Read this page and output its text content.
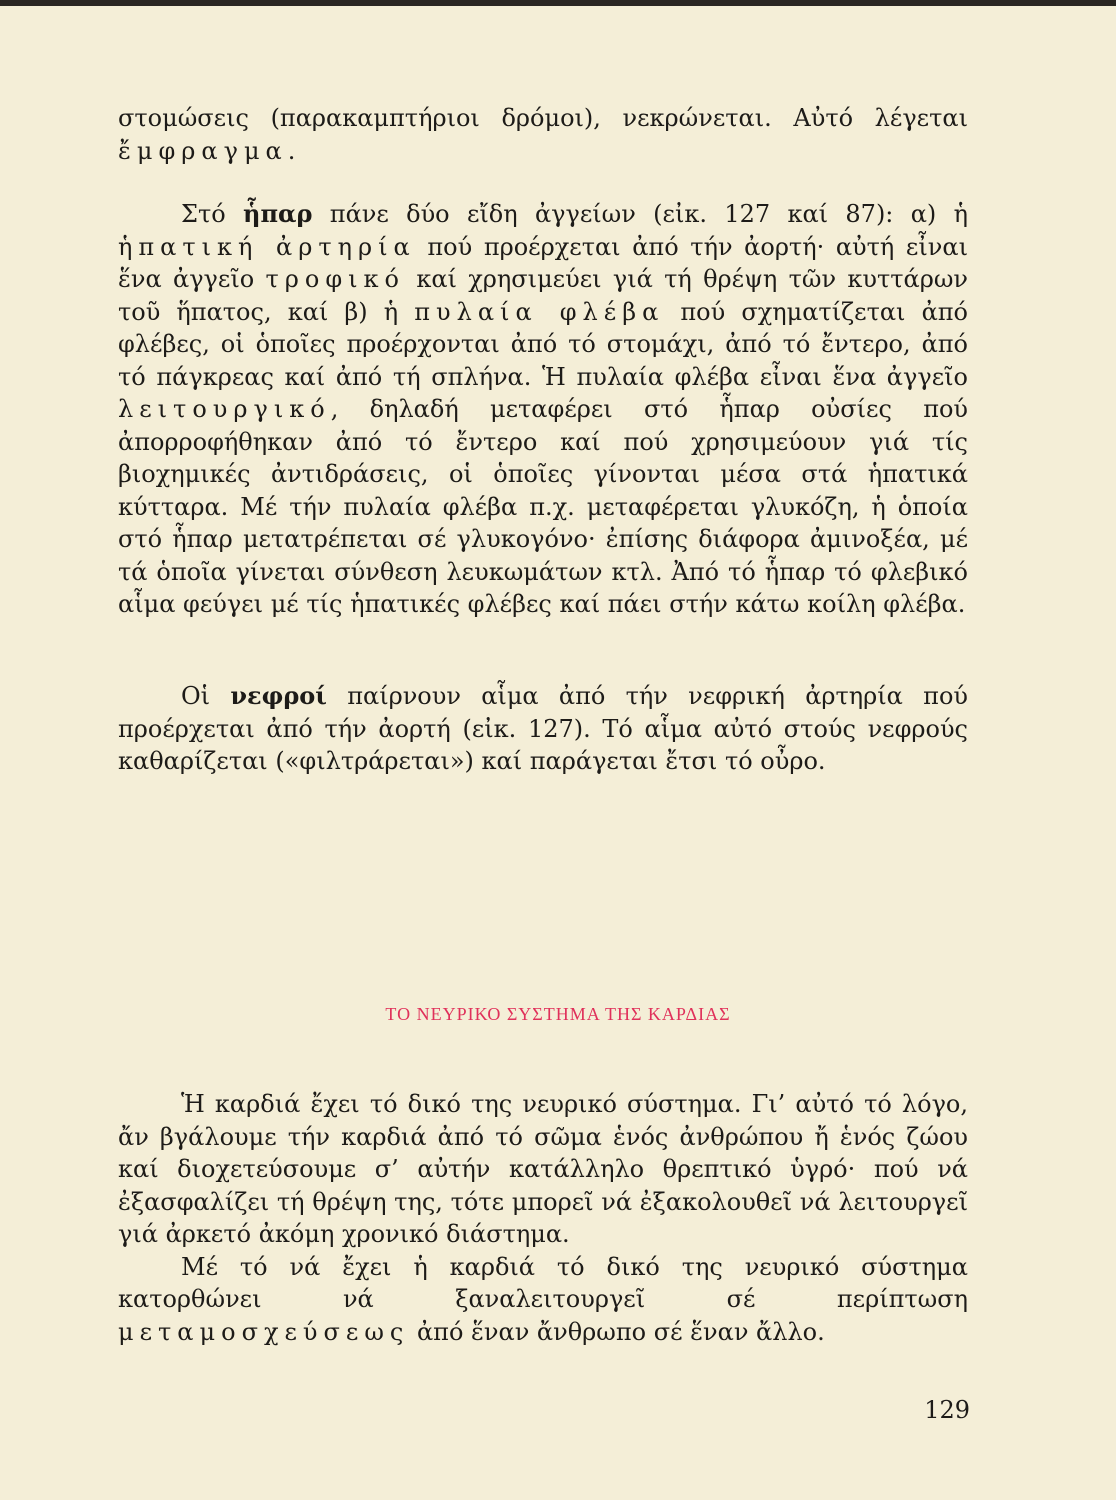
στομώσεις (παρακαμπτήριοι δρόμοι), νεκρώνεται. Αὐτό λέγεται ἔμφραγμα.

Στό ἧπαρ πάνε δύο εἴδη ἀγγείων (εἰκ. 127 καί 87): α) ἡ ἡπατική ἀρτηρία πού προέρχεται ἀπό τήν ἀορτή· αὐτή εἶναι ἕνα ἀγγεῖο τροφικό καί χρησιμεύει γιά τή θρέψη τῶν κυττάρων τοῦ ἥπατος, καί β) ἡ πυλαία φλέβα πού σχηματίζεται ἀπό φλέβες, οἱ ὁποῖες προέρχονται ἀπό τό στομάχι, ἀπό τό ἔντερο, ἀπό τό πάγκρεας καί ἀπό τή σπλήνα. Ἡ πυλαία φλέβα εἶναι ἕνα ἀγγεῖο λειτουργικό, δηλαδή μεταφέρει στό ἧπαρ οὐσίες πού ἀπορροφήθηκαν ἀπό τό ἔντερο καί πού χρησιμεύουν γιά τίς βιοχημικές ἀντιδράσεις, οἱ ὁποῖες γίνονται μέσα στά ἡπατικά κύτταρα. Μέ τήν πυλαία φλέβα π.χ. μεταφέρεται γλυκόζη, ἡ ὁποία στό ἧπαρ μετατρέπεται σέ γλυκογόνο· ἐπίσης διάφορα ἀμινοξέα, μέ τά ὁποῖα γίνεται σύνθεση λευκωμάτων κτλ. Ἀπό τό ἧπαρ τό φλεβικό αἷμα φεύγει μέ τίς ἡπατικές φλέβες καί πάει στήν κάτω κοίλη φλέβα.

Οἱ νεφροί παίρνουν αἷμα ἀπό τήν νεφρική ἀρτηρία πού προέρχεται ἀπό τήν ἀορτή (εἰκ. 127). Τό αἷμα αὐτό στούς νεφρούς καθαρίζεται («φιλτράρεται») καί παράγεται ἔτσι τό οὖρο.

ΤΟ ΝΕΥΡΙΚΟ ΣΥΣΤΗΜΑ ΤΗΣ ΚΑΡΔΙΑΣ

Ἡ καρδιά ἔχει τό δικό της νευρικό σύστημα. Γι’ αὐτό τό λόγο, ἄν βγάλουμε τήν καρδιά ἀπό τό σῶμα ἑνός ἀνθρώπου ἤ ἑνός ζώου καί διοχετεύσουμε σ’ αὐτήν κατάλληλο θρεπτικό ὑγρό· πού νά ἐξασφαλίζει τή θρέψη της, τότε μπορεῖ νά ἐξακολουθεῖ νά λειτουργεῖ γιά ἀρκετό ἀκόμη χρονικό διάστημα.

Μέ τό νά ἔχει ἡ καρδιά τό δικό της νευρικό σύστημα κατορθώνει νά ξαναλειτουργεῖ σέ περίπτωση μεταμοσχεύσεως ἀπό ἕναν ἄνθρωπο σέ ἕναν ἄλλο.

129
